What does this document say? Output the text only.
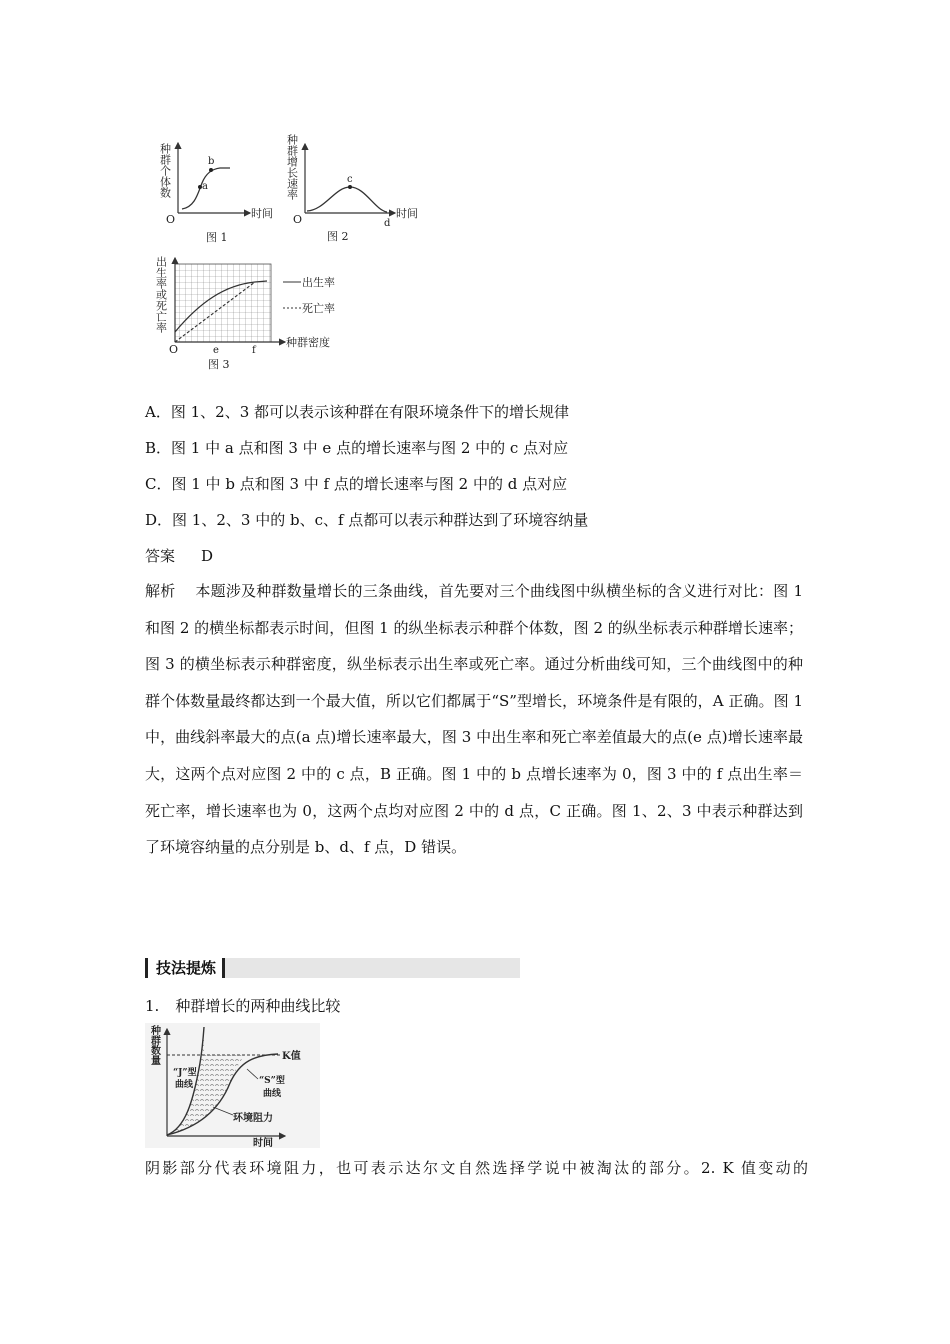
种群个体数
O	时间
a
b
图 1
种群增长速率
O	时间
c
d
图 2
出生率或死亡率
O
种群密度
e	f
出生率
死亡率
图 3
A．图 1、2、3 都可以表示该种群在有限环境条件下的增长规律
B．图 1 中 a 点和图 3 中 e 点的增长速率与图 2 中的 c 点对应
C．图 1 中 b 点和图 3 中 f 点的增长速率与图 2 中的 d 点对应
D．图 1、2、3 中的 b、c、f 点都可以表示种群达到了环境容纳量
答案 D
解析 本题涉及种群数量增长的三条曲线，首先要对三个曲线图中纵横坐标的含义进行对比：图 1 和图 2 的横坐标都表示时间，但图 1 的纵坐标表示种群个体数，图 2 的纵坐标表示种群增长速率；图 3 的横坐标表示种群密度，纵坐标表示出生率或死亡率。通过分析曲线可知，三个曲线图中的种群个体数量最终都达到一个最大值，所以它们都属于“S”型增长，环境条件是有限的，A 正确。图 1 中，曲线斜率最大的点(a 点)增长速率最大，图 3 中出生率和死亡率差值最大的点(e 点)增长速率最大，这两个点对应图 2 中的 c 点，B 正确。图 1 中的 b 点增长速率为 0，图 3 中的 f 点出生率＝死亡率，增长速率也为 0，这两个点均对应图 2 中的 d 点，C 正确。图 1、2、3 中表示种群达到了环境容纳量的点分别是 b、d、f 点，D 错误。
技法提炼
1. 种群增长的两种曲线比较
种群数量	K值
“J”型
曲线	“S”型
曲线
环境阻力
时间
阴影部分代表环境阻力，也可表示达尔文自然选择学说中被淘汰的部分。2. K 值变动的
